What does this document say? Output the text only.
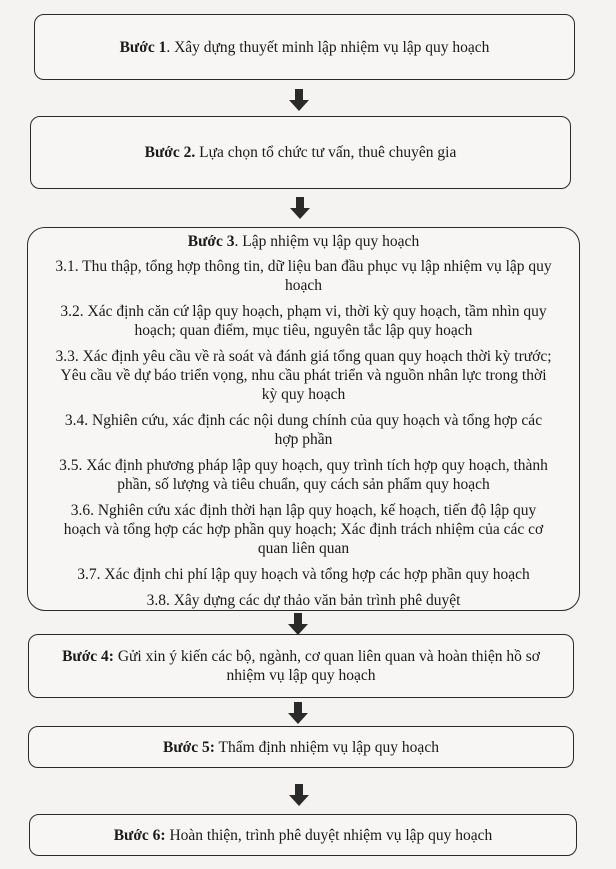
Bước 1. Xây dựng thuyết minh lập nhiệm vụ lập quy hoạch
Bước 2. Lựa chọn tổ chức tư vấn, thuê chuyên gia
Bước 3. Lập nhiệm vụ lập quy hoạch
3.1. Thu thập, tổng hợp thông tin, dữ liệu ban đầu phục vụ lập nhiệm vụ lập quy hoạch
3.2. Xác định căn cứ lập quy hoạch, phạm vi, thời kỳ quy hoạch, tầm nhìn quy hoạch; quan điểm, mục tiêu, nguyên tắc lập quy hoạch
3.3. Xác định yêu cầu về rà soát và đánh giá tổng quan quy hoạch thời kỳ trước; Yêu cầu về dự báo triển vọng, nhu cầu phát triển và nguồn nhân lực trong thời kỳ quy hoạch
3.4. Nghiên cứu, xác định các nội dung chính của quy hoạch và tổng hợp các hợp phần
3.5. Xác định phương pháp lập quy hoạch, quy trình tích hợp quy hoạch, thành phần, số lượng và tiêu chuẩn, quy cách sản phẩm quy hoạch
3.6. Nghiên cứu xác định thời hạn lập quy hoạch, kế hoạch, tiến độ lập quy hoạch và tổng hợp các hợp phần quy hoạch; Xác định trách nhiệm của các cơ quan liên quan
3.7. Xác định chi phí lập quy hoạch và tổng hợp các hợp phần quy hoạch
3.8. Xây dựng các dự thảo văn bản trình phê duyệt
Bước 4: Gửi xin ý kiến các bộ, ngành, cơ quan liên quan và hoàn thiện hồ sơ nhiệm vụ lập quy hoạch
Bước 5: Thẩm định nhiệm vụ lập quy hoạch
Bước 6: Hoàn thiện, trình phê duyệt nhiệm vụ lập quy hoạch
